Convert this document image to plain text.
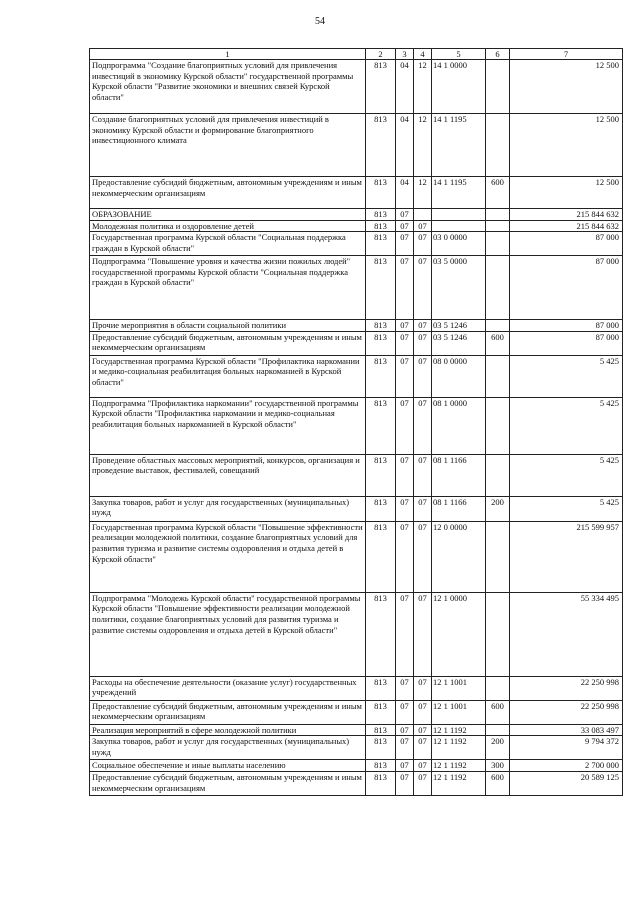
54
1	2	3	4	5	6	7
Подпрограмма "Создание благоприятных условий для привлечения инвестиций в экономику Курской области" государственной программы Курской области "Развитие экономики и внешних связей Курской области"	813	04	12	14 1 0000		12 500
Создание благоприятных условий для привлечения инвестиций в экономику Курской области и формирование благоприятного инвестиционного климата	813	04	12	14 1 1195		12 500
Предоставление субсидий бюджетным, автономным учреждениям и иным некоммерческим организациям	813	04	12	14 1 1195	600	12 500
ОБРАЗОВАНИЕ	813	07				215 844 632
Молодежная политика и оздоровление детей	813	07	07			215 844 632
Государственная программа Курской области "Социальная поддержка граждан в Курской области"	813	07	07	03 0 0000		87 000
Подпрограмма "Повышение уровня и качества жизни пожилых людей" государственной программы Курской области "Социальная поддержка граждан в Курской области"	813	07	07	03 5 0000		87 000
Прочие мероприятия в области социальной политики	813	07	07	03 5 1246		87 000
Предоставление субсидий бюджетным, автономным учреждениям и иным некоммерческим организациям	813	07	07	03 5 1246	600	87 000
Государственная программа Курской области "Профилактика наркомании и медико-социальная реабилитация больных наркоманией в Курской области"	813	07	07	08 0 0000		5 425
Подпрограмма "Профилактика наркомании" государственной программы Курской области "Профилактика наркомании и медико-социальная реабилитация больных наркоманией в Курской области"	813	07	07	08 1 0000		5 425
Проведение областных массовых мероприятий, конкурсов, организация и проведение выставок, фестивалей, совещаний	813	07	07	08 1 1166		5 425
Закупка товаров, работ и услуг для государственных (муниципальных) нужд	813	07	07	08 1 1166	200	5 425
Государственная программа Курской области "Повышение эффективности реализации молодежной политики, создание благоприятных условий для развития туризма и развитие системы оздоровления и отдыха детей в Курской области"	813	07	07	12 0 0000		215 599 957
Подпрограмма "Молодежь Курской области" государственной программы Курской области "Повышение эффективности реализации молодежной политики, создание благоприятных условий для развития туризма и развитие системы оздоровления и отдыха детей в Курской области"	813	07	07	12 1 0000		55 334 495
Расходы на обеспечение деятельности (оказание услуг) государственных учреждений	813	07	07	12 1 1001		22 250 998
Предоставление субсидий бюджетным, автономным учреждениям и иным некоммерческим организациям	813	07	07	12 1 1001	600	22 250 998
Реализация мероприятий в сфере молодежной политики	813	07	07	12 1 1192		33 083 497
Закупка товаров, работ и услуг для государственных (муниципальных) нужд	813	07	07	12 1 1192	200	9 794 372
Социальное обеспечение и иные выплаты населению	813	07	07	12 1 1192	300	2 700 000
Предоставление субсидий бюджетным, автономным учреждениям и иным некоммерческим организациям	813	07	07	12 1 1192	600	20 589 125
